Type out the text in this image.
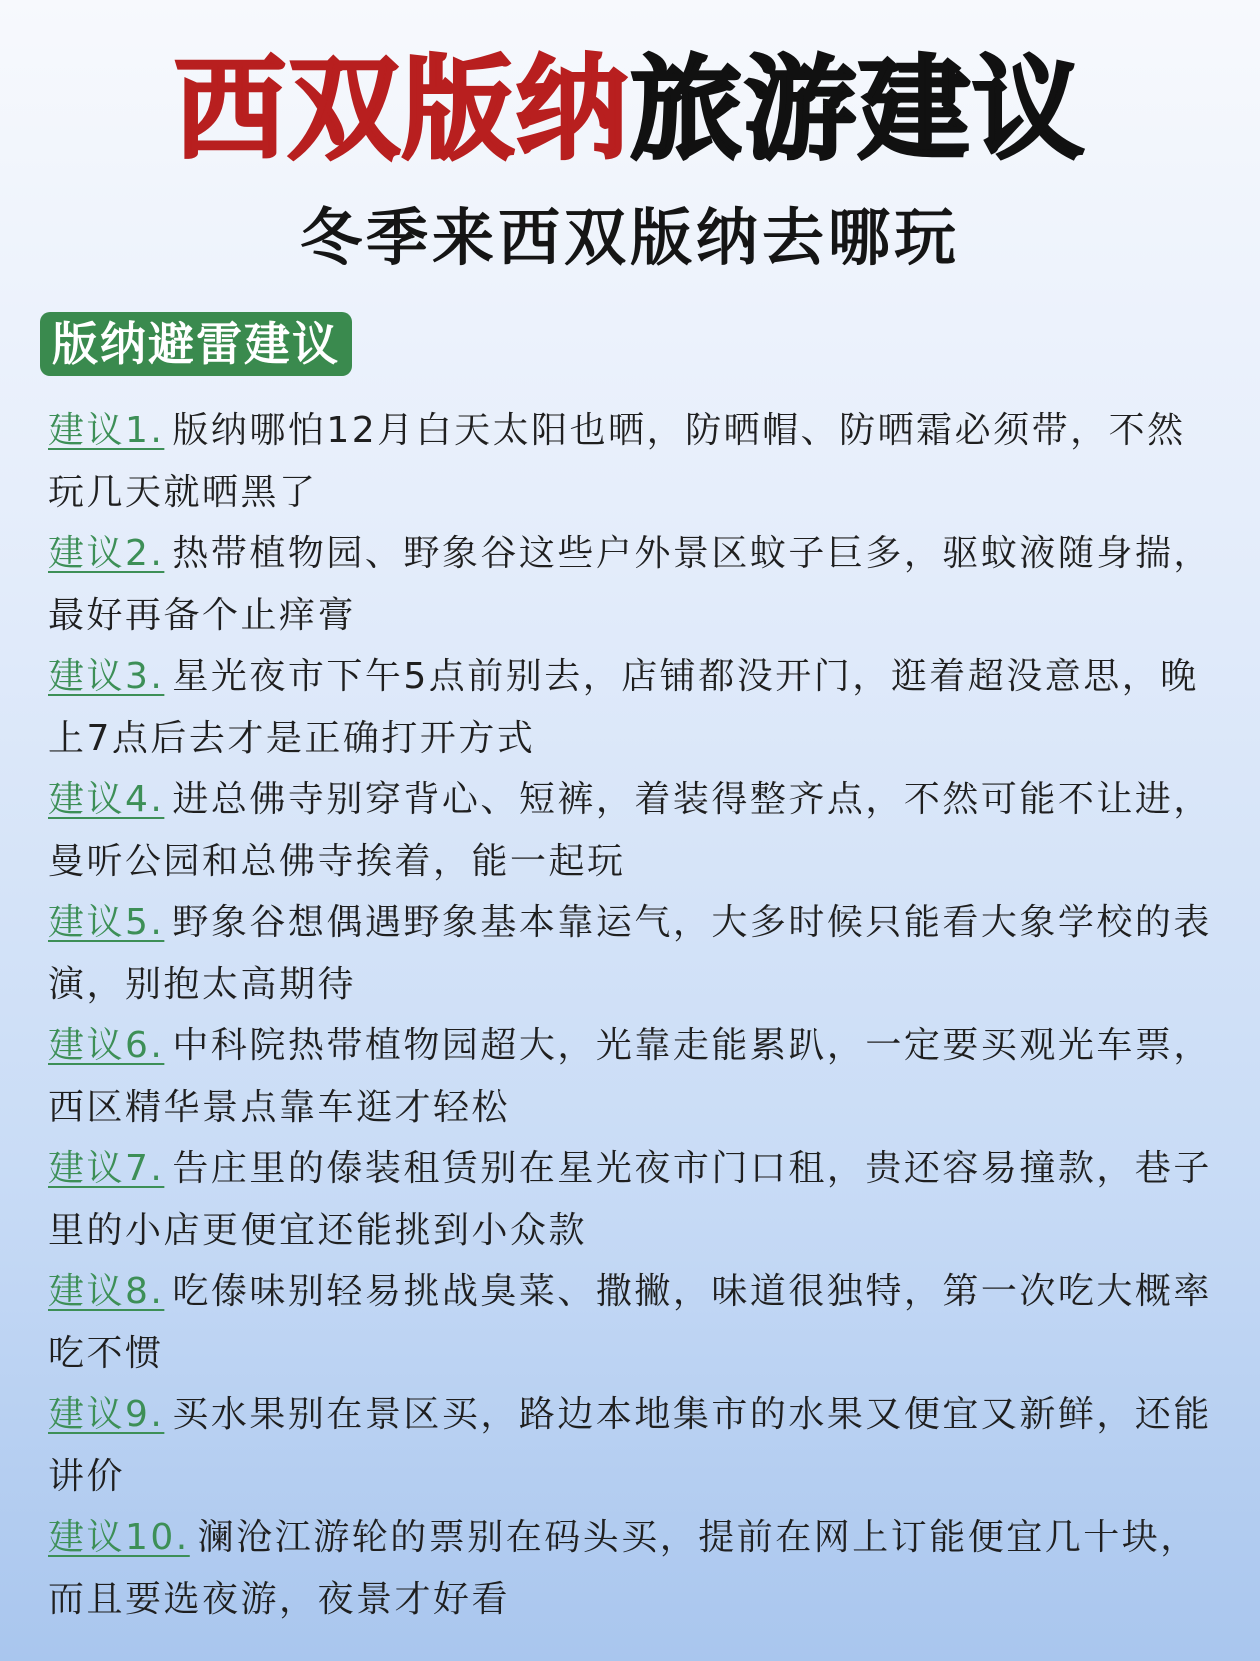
西双版纳旅游建议
冬季来西双版纳去哪玩
版纳避雷建议
建议1. 版纳哪怕12月白天太阳也晒，防晒帽、防晒霜必须带，不然玩几天就晒黑了
建议2. 热带植物园、野象谷这些户外景区蚊子巨多，驱蚊液随身揣，最好再备个止痒膏
建议3. 星光夜市下午5点前别去，店铺都没开门，逛着超没意思，晚上7点后去才是正确打开方式
建议4. 进总佛寺别穿背心、短裤，着装得整齐点，不然可能不让进，曼听公园和总佛寺挨着，能一起玩
建议5. 野象谷想偶遇野象基本靠运气，大多时候只能看大象学校的表演，别抱太高期待
建议6. 中科院热带植物园超大，光靠走能累趴，一定要买观光车票，西区精华景点靠车逛才轻松
建议7. 告庄里的傣装租赁别在星光夜市门口租，贵还容易撞款，巷子里的小店更便宜还能挑到小众款
建议8. 吃傣味别轻易挑战臭菜、撒撇，味道很独特，第一次吃大概率吃不惯
建议9. 买水果别在景区买，路边本地集市的水果又便宜又新鲜，还能讲价
建议10. 澜沧江游轮的票别在码头买，提前在网上订能便宜几十块，而且要选夜游，夜景才好看
